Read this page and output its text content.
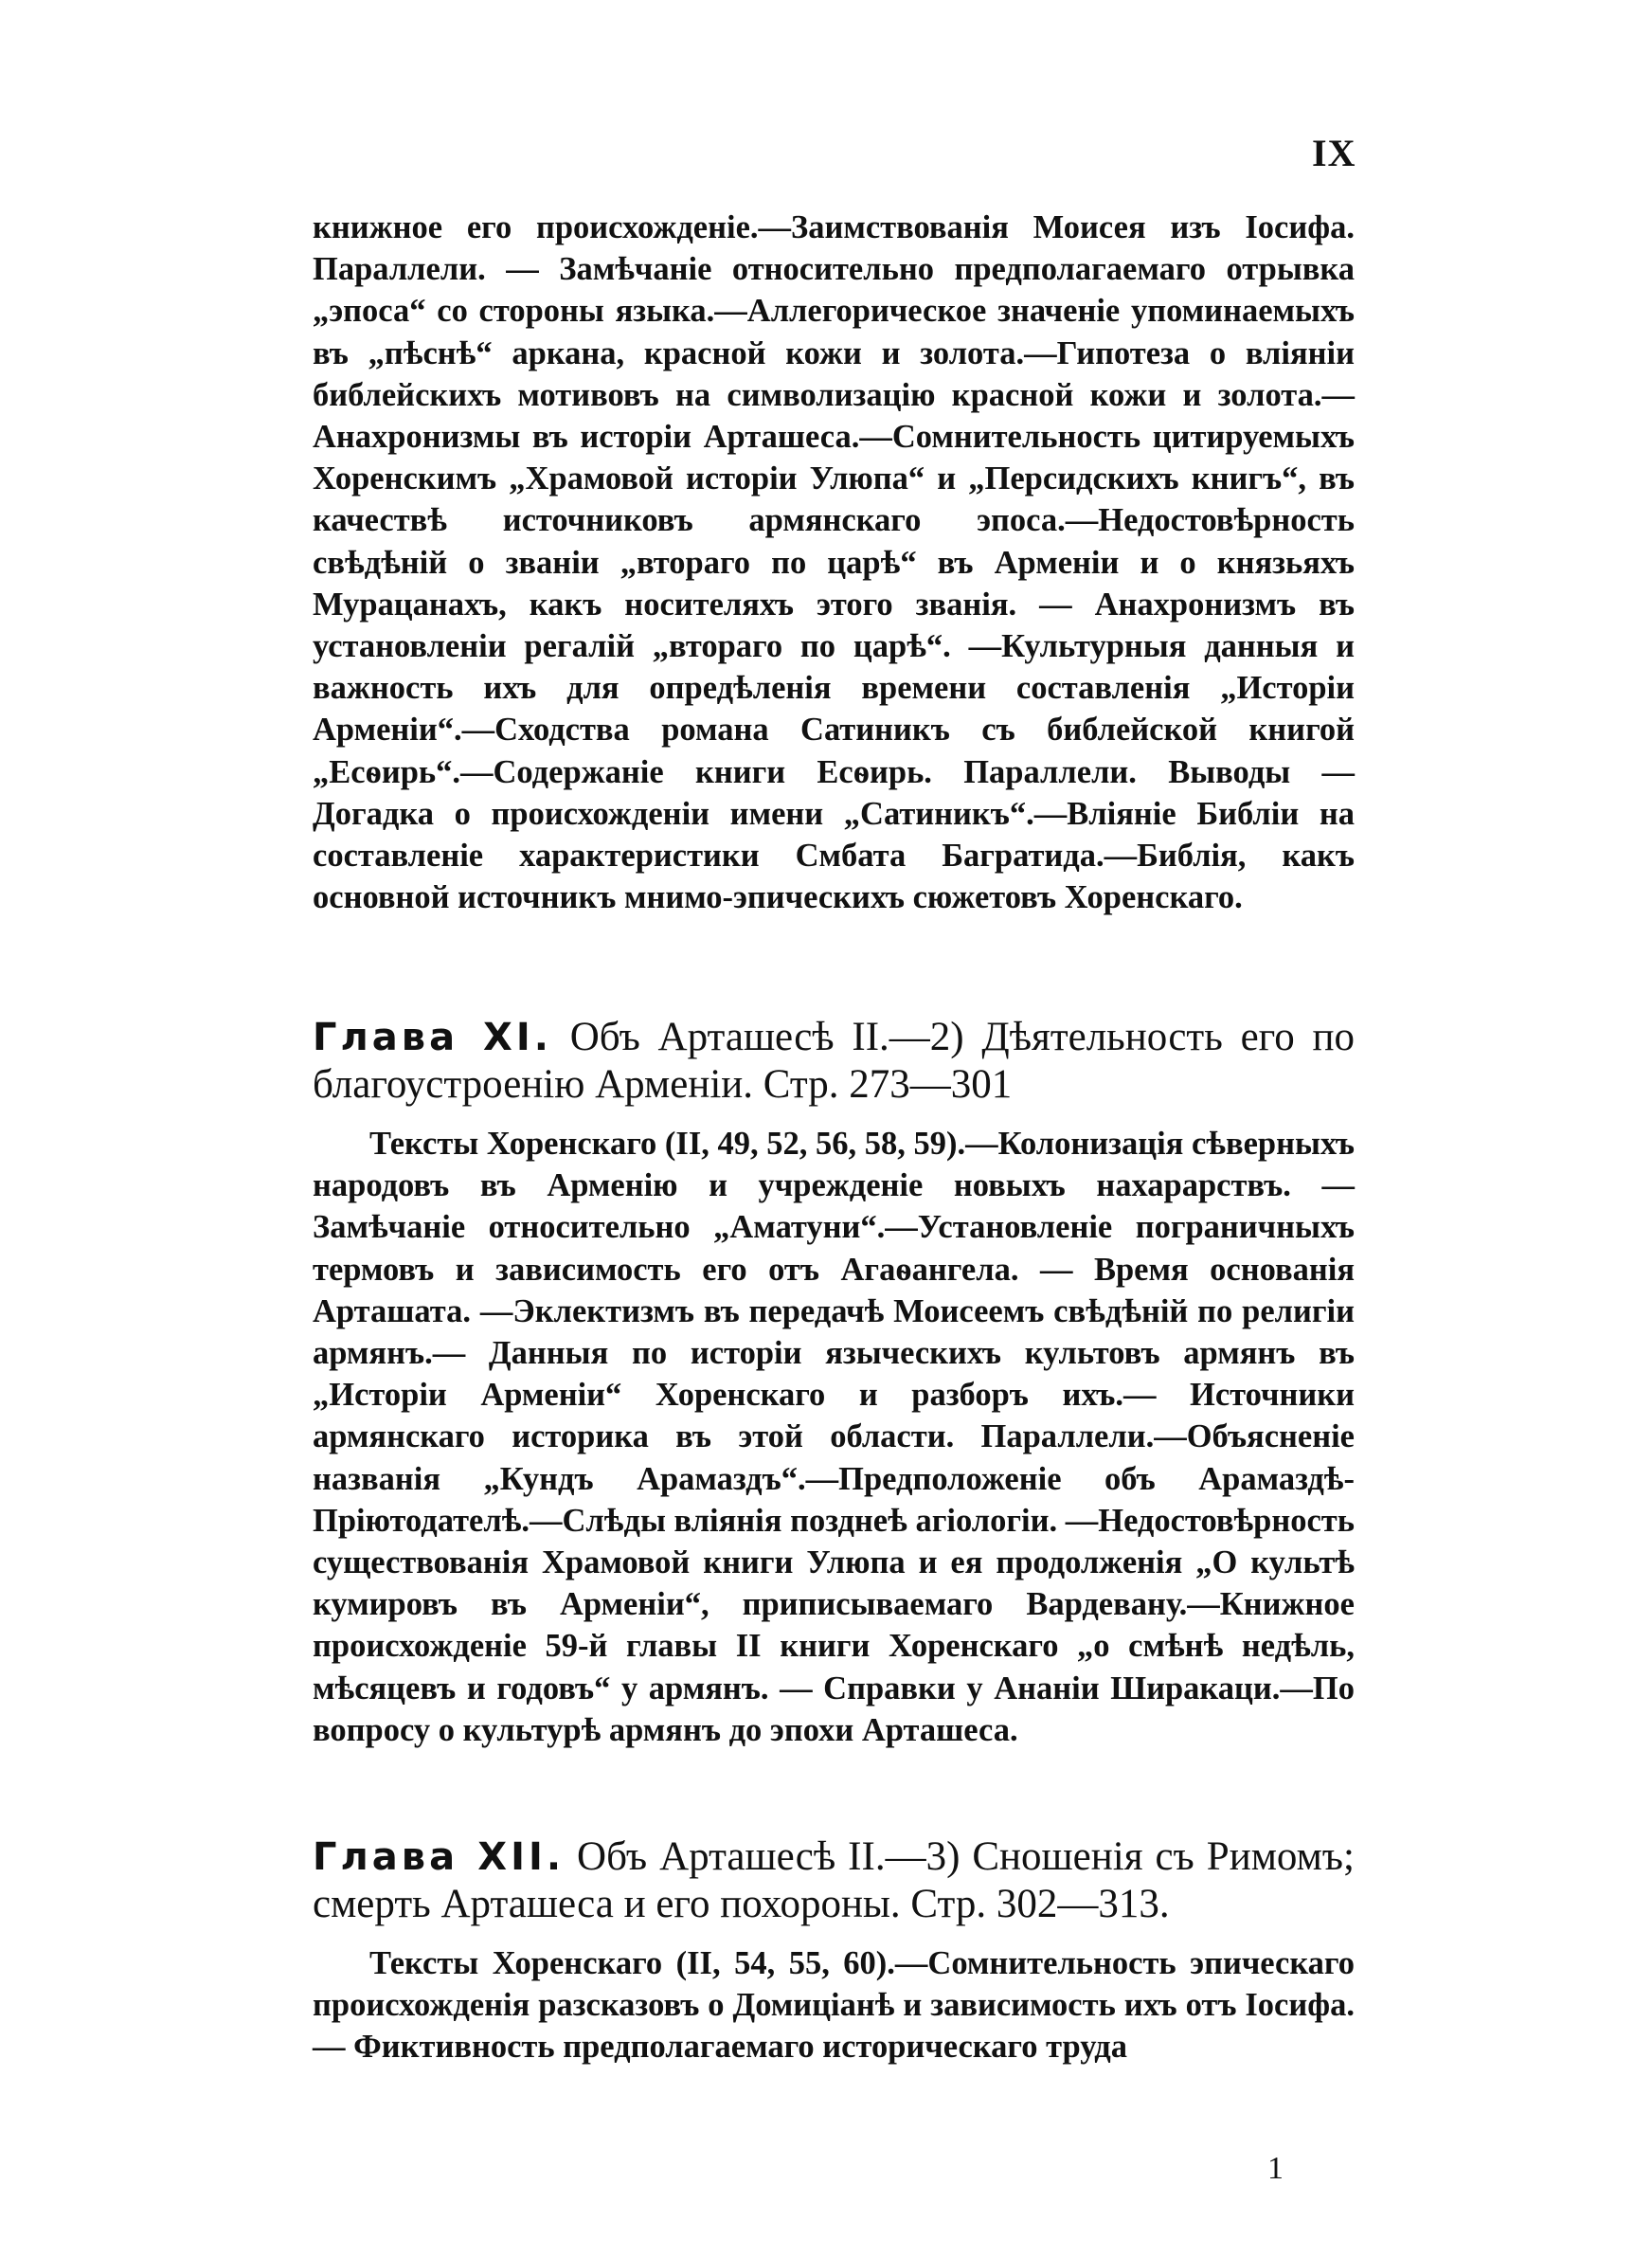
IX

книжное его происхожденіе.—Заимствованія Моисея изъ Іосифа. Параллели. — Замѣчаніе относительно предполагаемаго отрывка „эпоса“ со стороны языка.—Аллегорическое значеніе упоминаемыхъ въ „пѣснѣ“ аркана, красной кожи и золота.—Гипотеза о вліяніи библейскихъ мотивовъ на символизацію красной кожи и золота.—Анахронизмы въ исторіи Арташеса.—Сомнительность цитируемыхъ Хоренскимъ „Храмовой исторіи Улюпа“ и „Персидскихъ книгъ“, въ качествѣ источниковъ армянскаго эпоса.—Недостовѣрность свѣдѣній о званіи „втораго по царѣ“ въ Арменіи и о князьяхъ Мурацанахъ, какъ носителяхъ этого званія. — Анахронизмъ въ установленіи регалій „втораго по царѣ“. —Культурныя данныя и важность ихъ для опредѣленія времени составленія „Исторіи Арменіи“.—Сходства романа Сатиникъ съ библейской книгой „Есѳирь“.—Содержаніе книги Есѳирь. Параллели. Выводы —Догадка о происхожденіи имени „Сатиникъ“.—Вліяніе Библіи на составленіе характеристики Смбата Багратида.—Библія, какъ основной источникъ мнимо-эпическихъ сюжетовъ Хоренскаго.

Глава XI. Объ Арташесѣ II.—2) Дѣятельность его по благоустроенію Арменіи. Стр. 273—301

Тексты Хоренскаго (II, 49, 52, 56, 58, 59).—Колонизація сѣверныхъ народовъ въ Арменію и учрежденіе новыхъ нахарарствъ. — Замѣчаніе относительно „Аматуни“.—Установленіе пограничныхъ термовъ и зависимость его отъ Агаѳангела. — Время основанія Арташата. —Эклектизмъ въ передачѣ Моисеемъ свѣдѣній по религіи армянъ.— Данныя по исторіи языческихъ культовъ армянъ въ „Исторіи Арменіи“ Хоренскаго и разборъ ихъ.— Источники армянскаго историка въ этой области. Параллели.—Объясненіе названія „Кундъ Арамаздъ“.—Предположеніе объ Арамаздѣ-Пріютодателѣ.—Слѣды вліянія позднеѣ агіологіи. —Недостовѣрность существованія Храмовой книги Улюпа и ея продолженія „О культѣ кумировъ въ Арменіи“, приписываемаго Вардевану.—Книжное происхожденіе 59-й главы II книги Хоренскаго „о смѣнѣ недѣль, мѣсяцевъ и годовъ“ у армянъ. — Справки у Ананіи Ширакаци.—По вопросу о культурѣ армянъ до эпохи Арташеса.

Глава XII. Объ Арташесѣ II.—3) Сношенія съ Римомъ; смерть Арташеса и его похороны. Стр. 302—313.

Тексты Хоренскаго (II, 54, 55, 60).—Сомнительность эпическаго происхожденія разсказовъ о Домиціанѣ и зависимость ихъ отъ Іосифа.— Фиктивность предполагаемаго историческаго труда

1
